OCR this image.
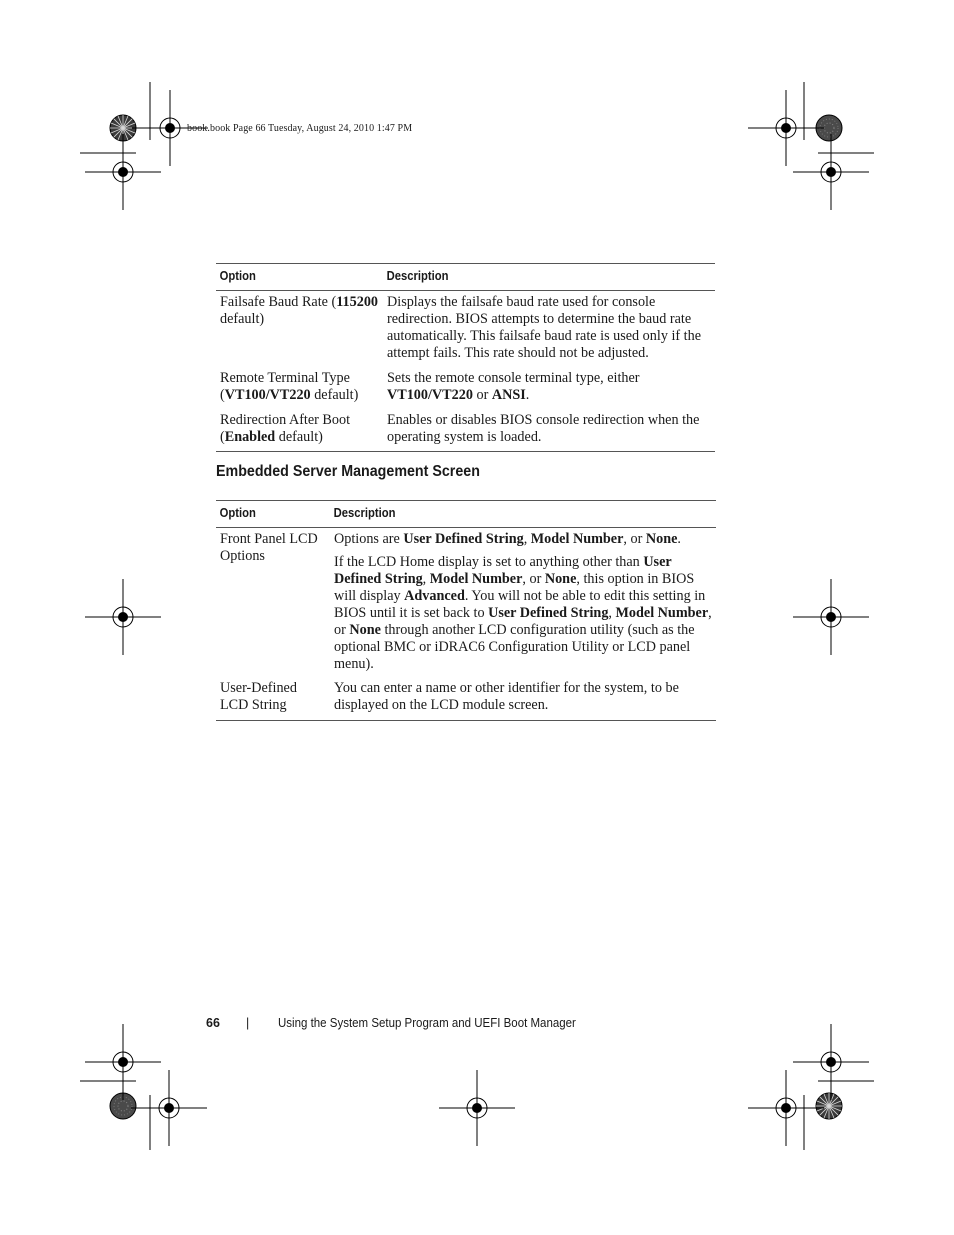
book.book Page 66 Tuesday, August 24, 2010 1:47 PM
Option	Description
Failsafe Baud Rate (115200 default)	Displays the failsafe baud rate used for console redirection. BIOS attempts to determine the baud rate automatically. This failsafe baud rate is used only if the attempt fails. This rate should not be adjusted.
Remote Terminal Type (VT100/VT220 default)	Sets the remote console terminal type, either VT100/VT220 or ANSI.
Redirection After Boot (Enabled default)	Enables or disables BIOS console redirection when the operating system is loaded.
Embedded Server Management Screen
Option	Description
Front Panel LCD Options	Options are User Defined String, Model Number, or None.

If the LCD Home display is set to anything other than User Defined String, Model Number, or None, this option in BIOS will display Advanced. You will not be able to edit this setting in BIOS until it is set back to User Defined String, Model Number, or None through another LCD configuration utility (such as the optional BMC or iDRAC6 Configuration Utility or LCD panel menu).

User-Defined LCD String	You can enter a name or other identifier for the system, to be displayed on the LCD module screen.

66 | Using the System Setup Program and UEFI Boot Manager
